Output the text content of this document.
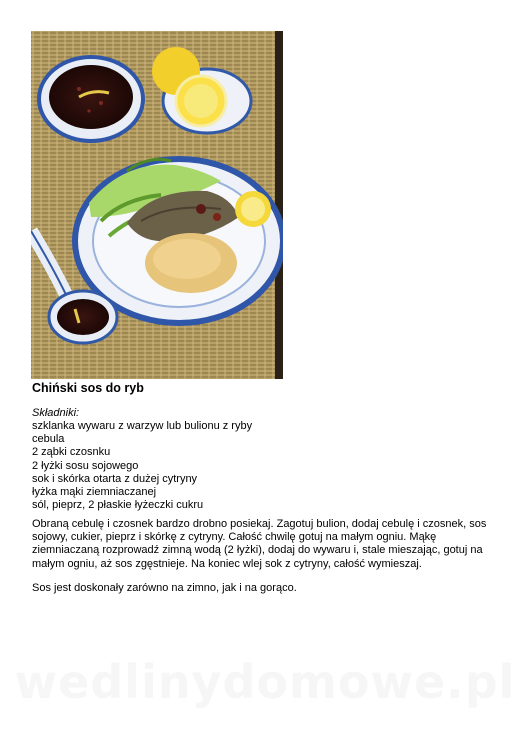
Chiński sos do ryb
Składniki:
szklanka wywaru z warzyw lub bulionu z ryby
cebula
2 ząbki czosnku
2 łyżki sosu sojowego
sok i skórka otarta z dużej cytryny
łyżka mąki ziemniaczanej
sól, pieprz, 2 płaskie łyżeczki cukru

Obraną cebulę i czosnek bardzo drobno posiekaj. Zagotuj bulion, dodaj cebulę i czosnek, sos sojowy, cukier, pieprz i skórkę z cytryny. Całość chwilę gotuj na małym ogniu. Mąkę ziemniaczaną rozprowadź zimną wodą (2 łyżki), dodaj do wywaru i, stale mieszając, gotuj na małym ogniu, aż sos zgęstnieje. Na koniec wlej sok z cytryny, całość wymieszaj.

Sos jest doskonały zarówno na zimno, jak i na gorąco.

wedlinydomowe.pl
